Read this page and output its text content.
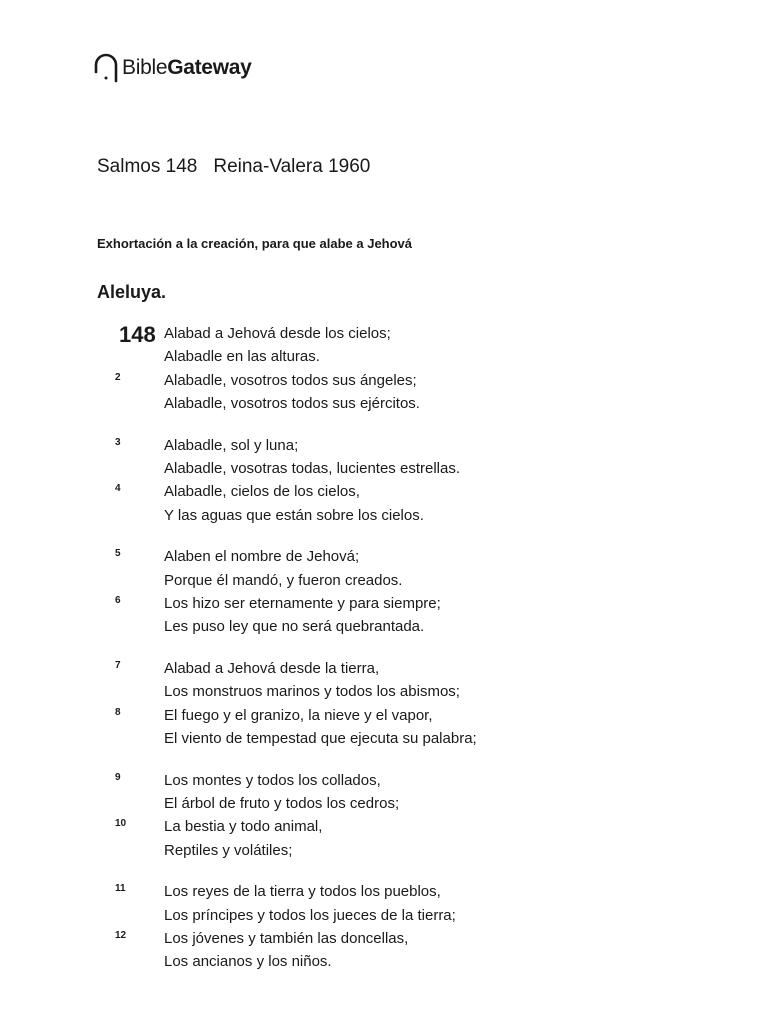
BibleGateway
Salmos 148 Reina-Valera 1960
Exhortación a la creación, para que alabe a Jehová
Aleluya.
148 Alabad a Jehová desde los cielos;
Alabadle en las alturas.
2	Alabadle, vosotros todos sus ángeles;
Alabadle, vosotros todos sus ejércitos.
3	Alabadle, sol y luna;
Alabadle, vosotras todas, lucientes estrellas.
4	Alabadle, cielos de los cielos,
Y las aguas que están sobre los cielos.
5	Alaben el nombre de Jehová;
Porque él mandó, y fueron creados.
6	Los hizo ser eternamente y para siempre;
Les puso ley que no será quebrantada.
7	Alabad a Jehová desde la tierra,
Los monstruos marinos y todos los abismos;
8	El fuego y el granizo, la nieve y el vapor,
El viento de tempestad que ejecuta su palabra;
9	Los montes y todos los collados,
El árbol de fruto y todos los cedros;
10	La bestia y todo animal,
Reptiles y volátiles;
11	Los reyes de la tierra y todos los pueblos,
Los príncipes y todos los jueces de la tierra;
12	Los jóvenes y también las doncellas,
Los ancianos y los niños.
